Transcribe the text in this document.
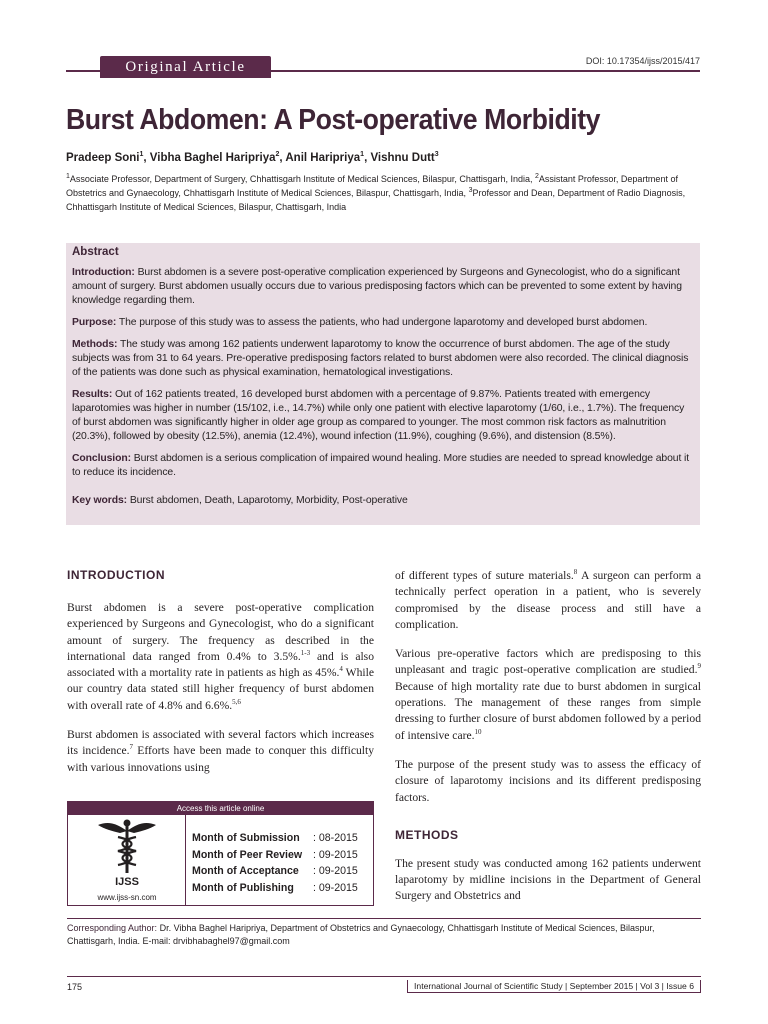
Original Article	DOI: 10.17354/ijss/2015/417
Burst Abdomen: A Post-operative Morbidity
Pradeep Soni$^1$, Vibha Baghel Haripriya$^2$, Anil Haripriya$^1$, Vishnu Dutt$^3$
$^1$Associate Professor, Department of Surgery, Chhattisgarh Institute of Medical Sciences, Bilaspur, Chattisgarh, India, $^2$Assistant Professor, Department of Obstetrics and Gynaecology, Chhattisgarh Institute of Medical Sciences, Bilaspur, Chattisgarh, India, $^3$Professor and Dean, Department of Radio Diagnosis, Chhattisgarh Institute of Medical Sciences, Bilaspur, Chattisgarh, India
Abstract

Introduction: Burst abdomen is a severe post-operative complication experienced by Surgeons and Gynecologist, who do a significant amount of surgery. Burst abdomen usually occurs due to various predisposing factors which can be prevented to some extent by having knowledge regarding them.

Purpose: The purpose of this study was to assess the patients, who had undergone laparotomy and developed burst abdomen.

Methods: The study was among 162 patients underwent laparotomy to know the occurrence of burst abdomen. The age of the study subjects was from 31 to 64 years. Pre-operative predisposing factors related to burst abdomen were also recorded. The clinical diagnosis of the patients was done such as physical examination, hematological investigations.

Results: Out of 162 patients treated, 16 developed burst abdomen with a percentage of 9.87%. Patients treated with emergency laparotomies was higher in number (15/102, i.e., 14.7%) while only one patient with elective laparotomy (1/60, i.e., 1.7%). The frequency of burst abdomen was significantly higher in older age group as compared to younger. The most common risk factors as malnutrition (20.3%), followed by obesity (12.5%), anemia (12.4%), wound infection (11.9%), coughing (9.6%), and distension (8.5%).

Conclusion: Burst abdomen is a serious complication of impaired wound healing. More studies are needed to spread knowledge about it to reduce its incidence.

Key words: Burst abdomen, Death, Laparotomy, Morbidity, Post-operative

INTRODUCTION

Burst abdomen is a severe post-operative complication experienced by Surgeons and Gynecologist, who do a significant amount of surgery. The frequency as described in the international data ranged from 0.4% to 3.5%.$^{1-3}$ and is also associated with a mortality rate in patients as high as 45%.$^4$ While our country data stated still higher frequency of burst abdomen with overall rate of 4.8% and 6.6%.$^{5,6}$

Burst abdomen is associated with several factors which increases its incidence.$^7$ Efforts have been made to conquer this difficulty with various innovations using

Access this article online
IJSS
www.ijss-sn.com
Month of Submission : 08-2015
Month of Peer Review : 09-2015
Month of Acceptance : 09-2015
Month of Publishing : 09-2015

of different types of suture materials.$^8$ A surgeon can perform a technically perfect operation in a patient, who is severely compromised by the disease process and still have a complication.

Various pre-operative factors which are predisposing to this unpleasant and tragic post-operative complication are studied.$^9$ Because of high mortality rate due to burst abdomen in surgical operations. The management of these ranges from simple dressing to further closure of burst abdomen followed by a period of intensive care.$^{10}$

The purpose of the present study was to assess the efficacy of closure of laparotomy incisions and its different predisposing factors.

METHODS

The present study was conducted among 162 patients underwent laparotomy by midline incisions in the Department of General Surgery and Obstetrics and

Corresponding Author: Dr. Vibha Baghel Haripriya, Department of Obstetrics and Gynaecology, Chhattisgarh Institute of Medical Sciences, Bilaspur, Chattisgarh, India. E-mail: drvibhabaghel97@gmail.com
175	International Journal of Scientific Study | September 2015 | Vol 3 | Issue 6
